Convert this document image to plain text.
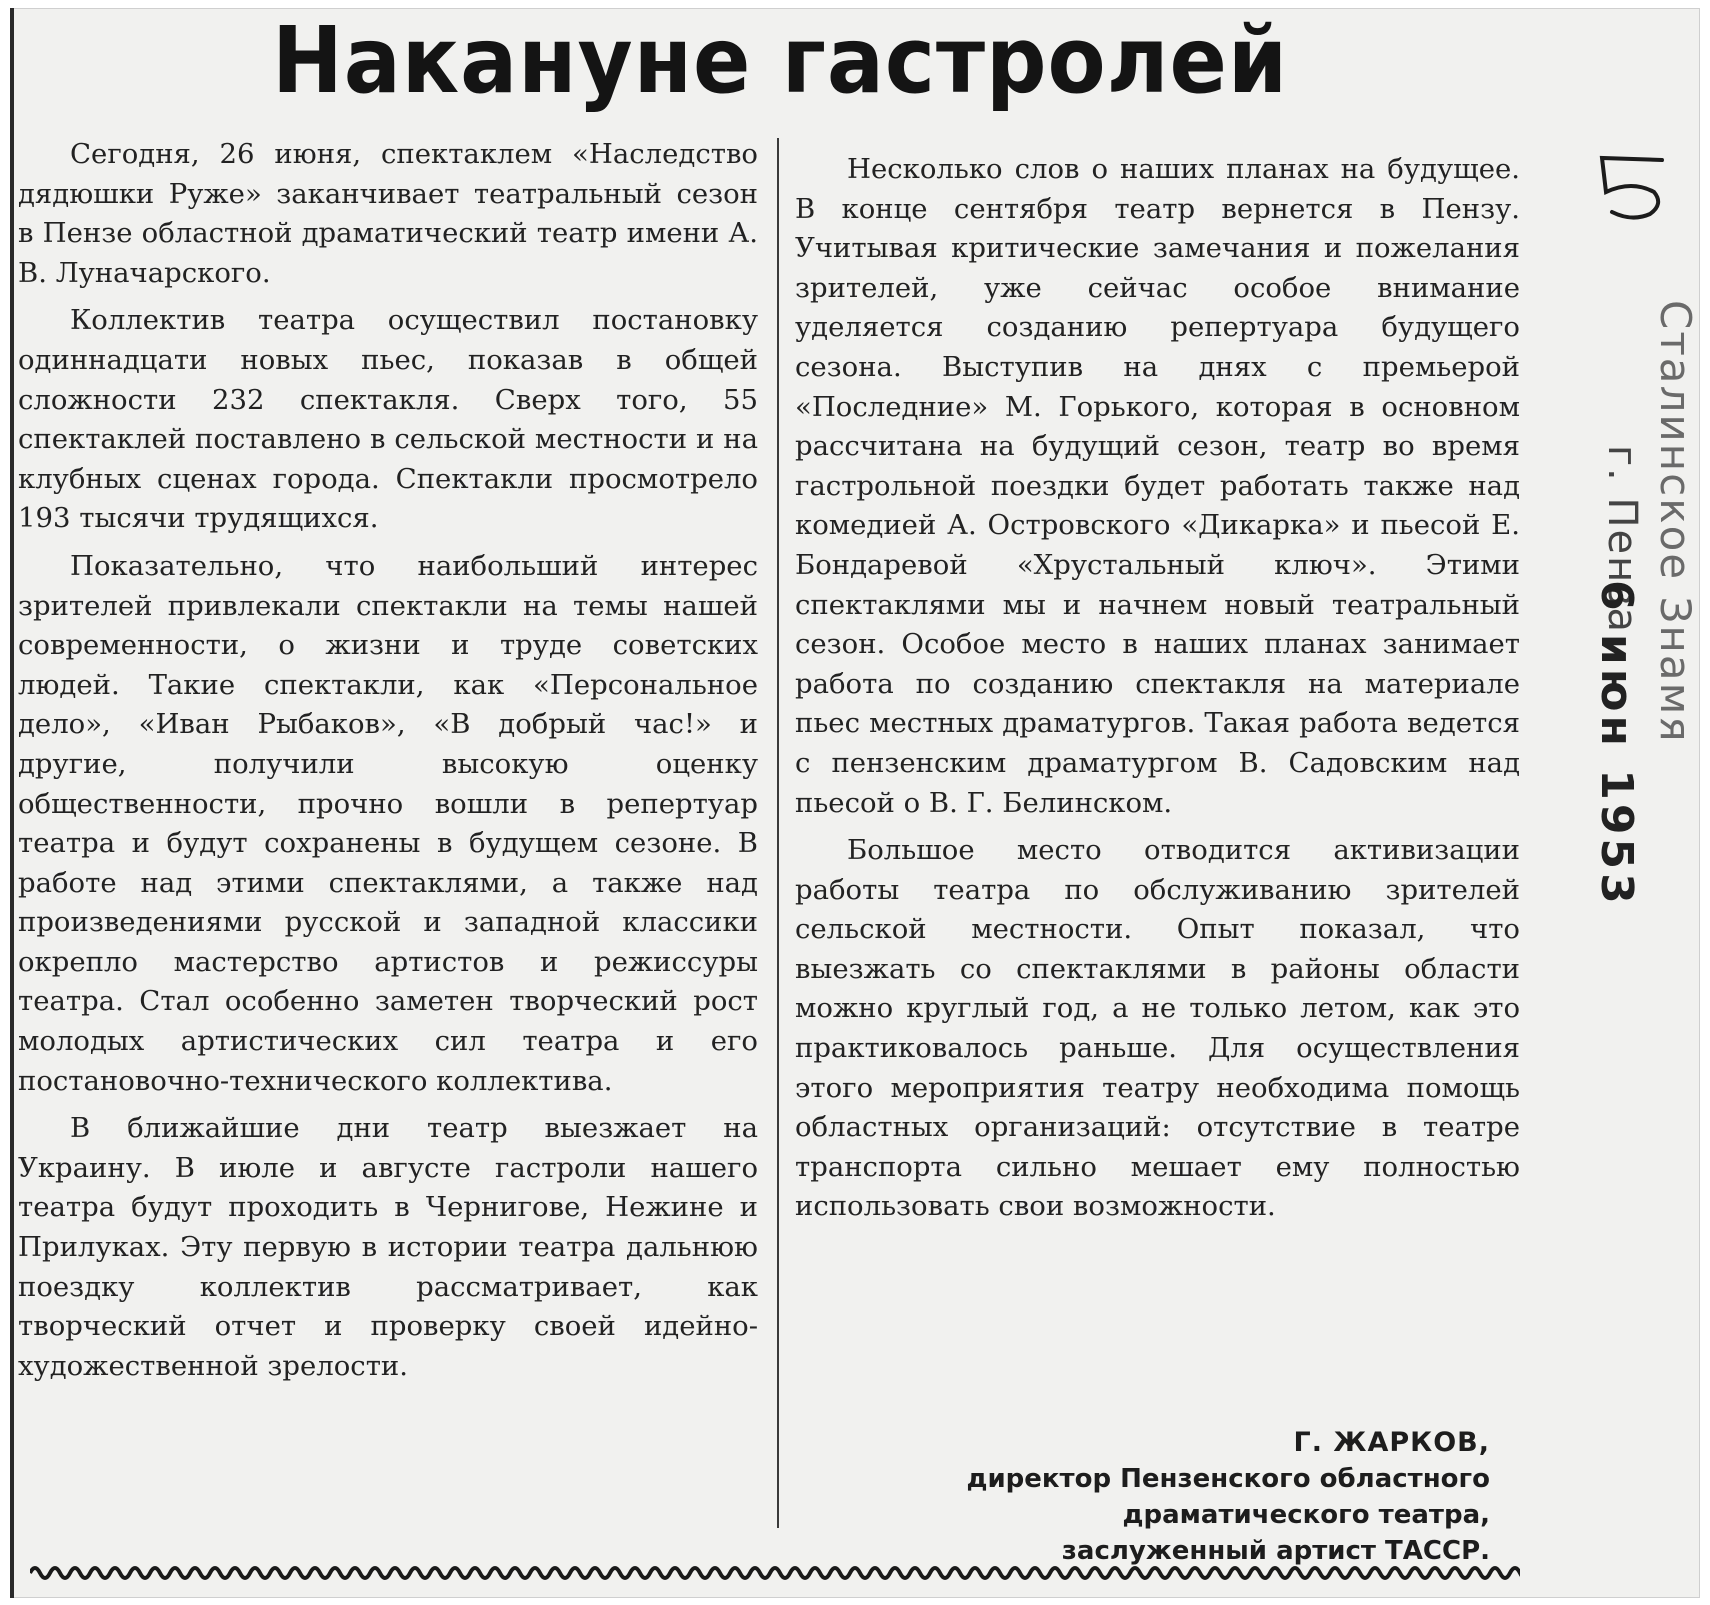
Накануне гастролей

Сегодня, 26 июня, спектаклем «Наследство дядюшки Руже» заканчивает театральный сезон в Пензе областной драматический театр имени А. В. Луначарского.

Коллектив театра осуществил постановку одиннадцати новых пьес, показав в общей сложности 232 спектакля. Сверх того, 55 спектаклей поставлено в сельской местности и на клубных сценах города. Спектакли просмотрело 193 тысячи трудящихся.

Показательно, что наибольший интерес зрителей привлекали спектакли на темы нашей современности, о жизни и труде советских людей. Такие спектакли, как «Персональное дело», «Иван Рыбаков», «В добрый час!» и другие, получили высокую оценку общественности, прочно вошли в репертуар театра и будут сохранены в будущем сезоне. В работе над этими спектаклями, а также над произведениями русской и западной классики окрепло мастерство артистов и режиссуры театра. Стал особенно заметен творческий рост молодых артистических сил театра и его постановочно-технического коллектива.

В ближайшие дни театр выезжает на Украину. В июле и августе гастроли нашего театра будут проходить в Чернигове, Нежине и Прилуках. Эту первую в истории театра дальнюю поездку коллектив рассматривает, как творческий отчет и проверку своей идейно-художественной зрелости.

Несколько слов о наших планах на будущее. В конце сентября театр вернется в Пензу. Учитывая критические замечания и пожелания зрителей, уже сейчас особое внимание уделяется созданию репертуара будущего сезона. Выступив на днях с премьерой «Последние» М. Горького, которая в основном рассчитана на будущий сезон, театр во время гастрольной поездки будет работать также над комедией А. Островского «Дикарка» и пьесой Е. Бондаревой «Хрустальный ключ». Этими спектаклями мы и начнем новый театральный сезон. Особое место в наших планах занимает работа по созданию спектакля на материале пьес местных драматургов. Такая работа ведется с пензенским драматургом В. Садовским над пьесой о В. Г. Белинском.

Большое место отводится активизации работы театра по обслуживанию зрителей сельской местности. Опыт показал, что выезжать со спектаклями в районы области можно круглый год, а не только летом, как это практиковалось раньше. Для осуществления этого мероприятия театру необходима помощь областных организаций: отсутствие в театре транспорта сильно мешает ему полностью использовать свои возможности.

Г. ЖАРКОВ,
директор Пензенского областного
драматического театра,
заслуженный артист ТАССР.
Сталинское Знамя
г. Пенза
6 июн 1953
